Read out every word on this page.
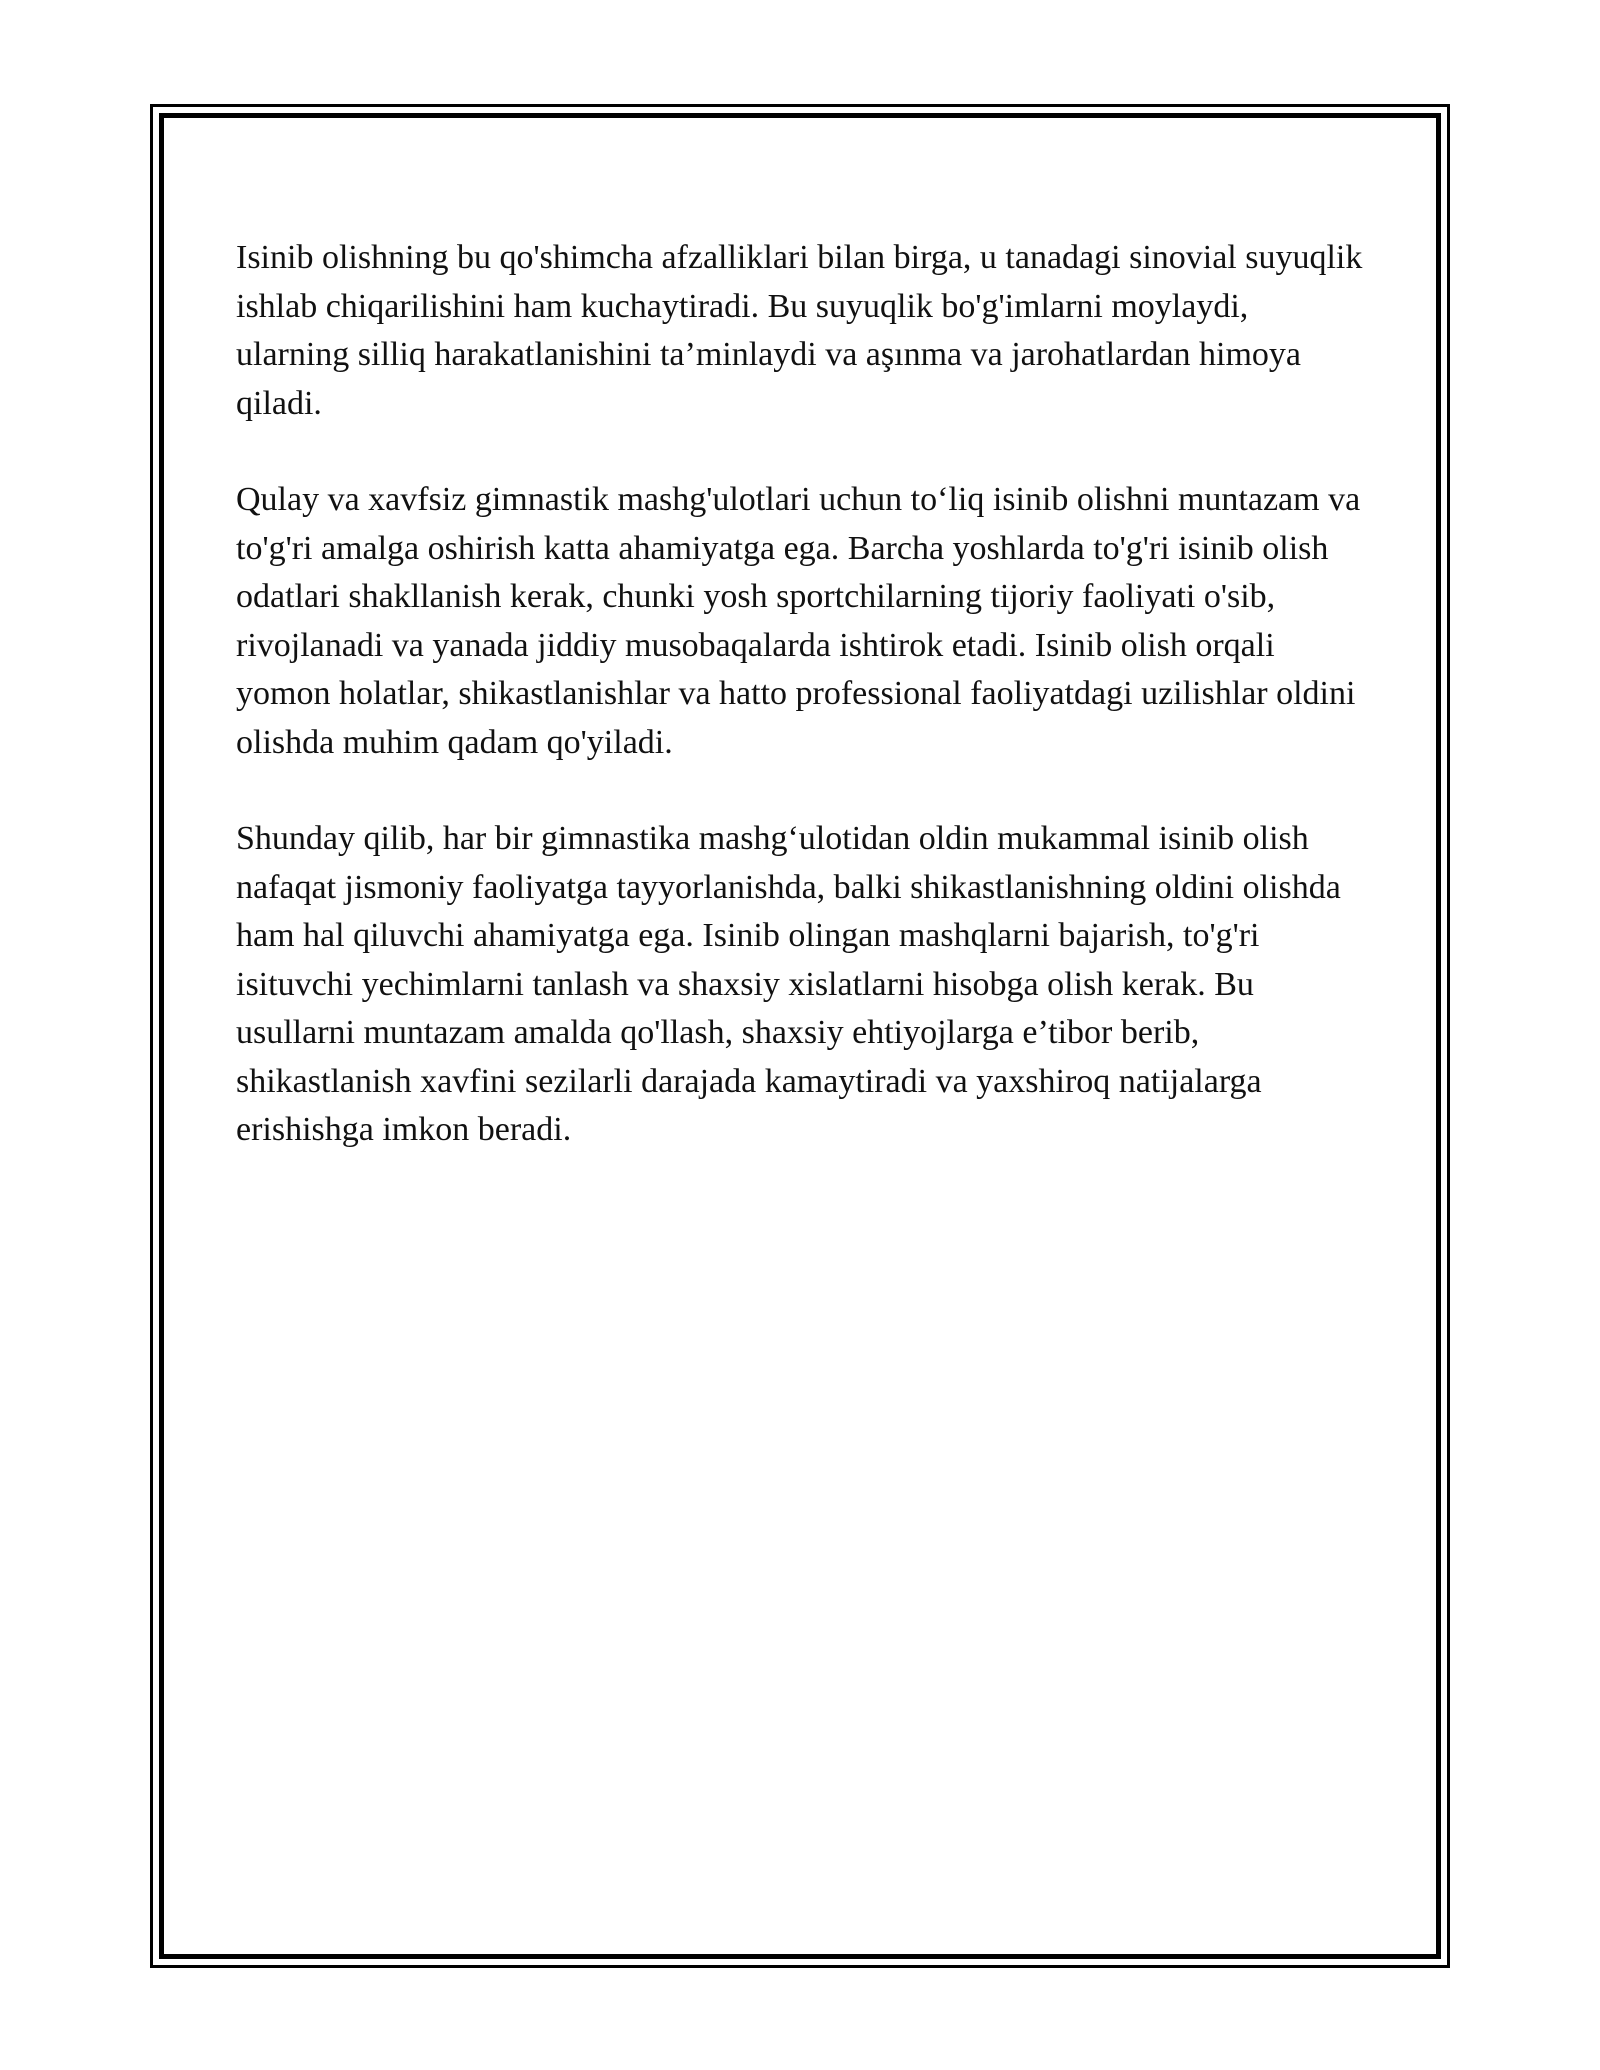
Isinib olishning bu qo'shimcha afzalliklari bilan birga, u tanadagi sinovial suyuqlik ishlab chiqarilishini ham kuchaytiradi. Bu suyuqlik bo'g'imlarni moylaydi, ularning silliq harakatlanishini ta’minlaydi va aşınma va jarohatlardan himoya qiladi.

Qulay va xavfsiz gimnastik mashg'ulotlari uchun to‘liq isinib olishni muntazam va to'g'ri amalga oshirish katta ahamiyatga ega. Barcha yoshlarda to'g'ri isinib olish odatlari shakllanish kerak, chunki yosh sportchilarning tijoriy faoliyati o'sib, rivojlanadi va yanada jiddiy musobaqalarda ishtirok etadi. Isinib olish orqali yomon holatlar, shikastlanishlar va hatto professional faoliyatdagi uzilishlar oldini olishda muhim qadam qo'yiladi.

Shunday qilib, har bir gimnastika mashg‘ulotidan oldin mukammal isinib olish nafaqat jismoniy faoliyatga tayyorlanishda, balki shikastlanishning oldini olishda ham hal qiluvchi ahamiyatga ega. Isinib olingan mashqlarni bajarish, to'g'ri isituvchi yechimlarni tanlash va shaxsiy xislatlarni hisobga olish kerak. Bu usullarni muntazam amalda qo'llash, shaxsiy ehtiyojlarga e’tibor berib, shikastlanish xavfini sezilarli darajada kamaytiradi va yaxshiroq natijalarga erishishga imkon beradi.
